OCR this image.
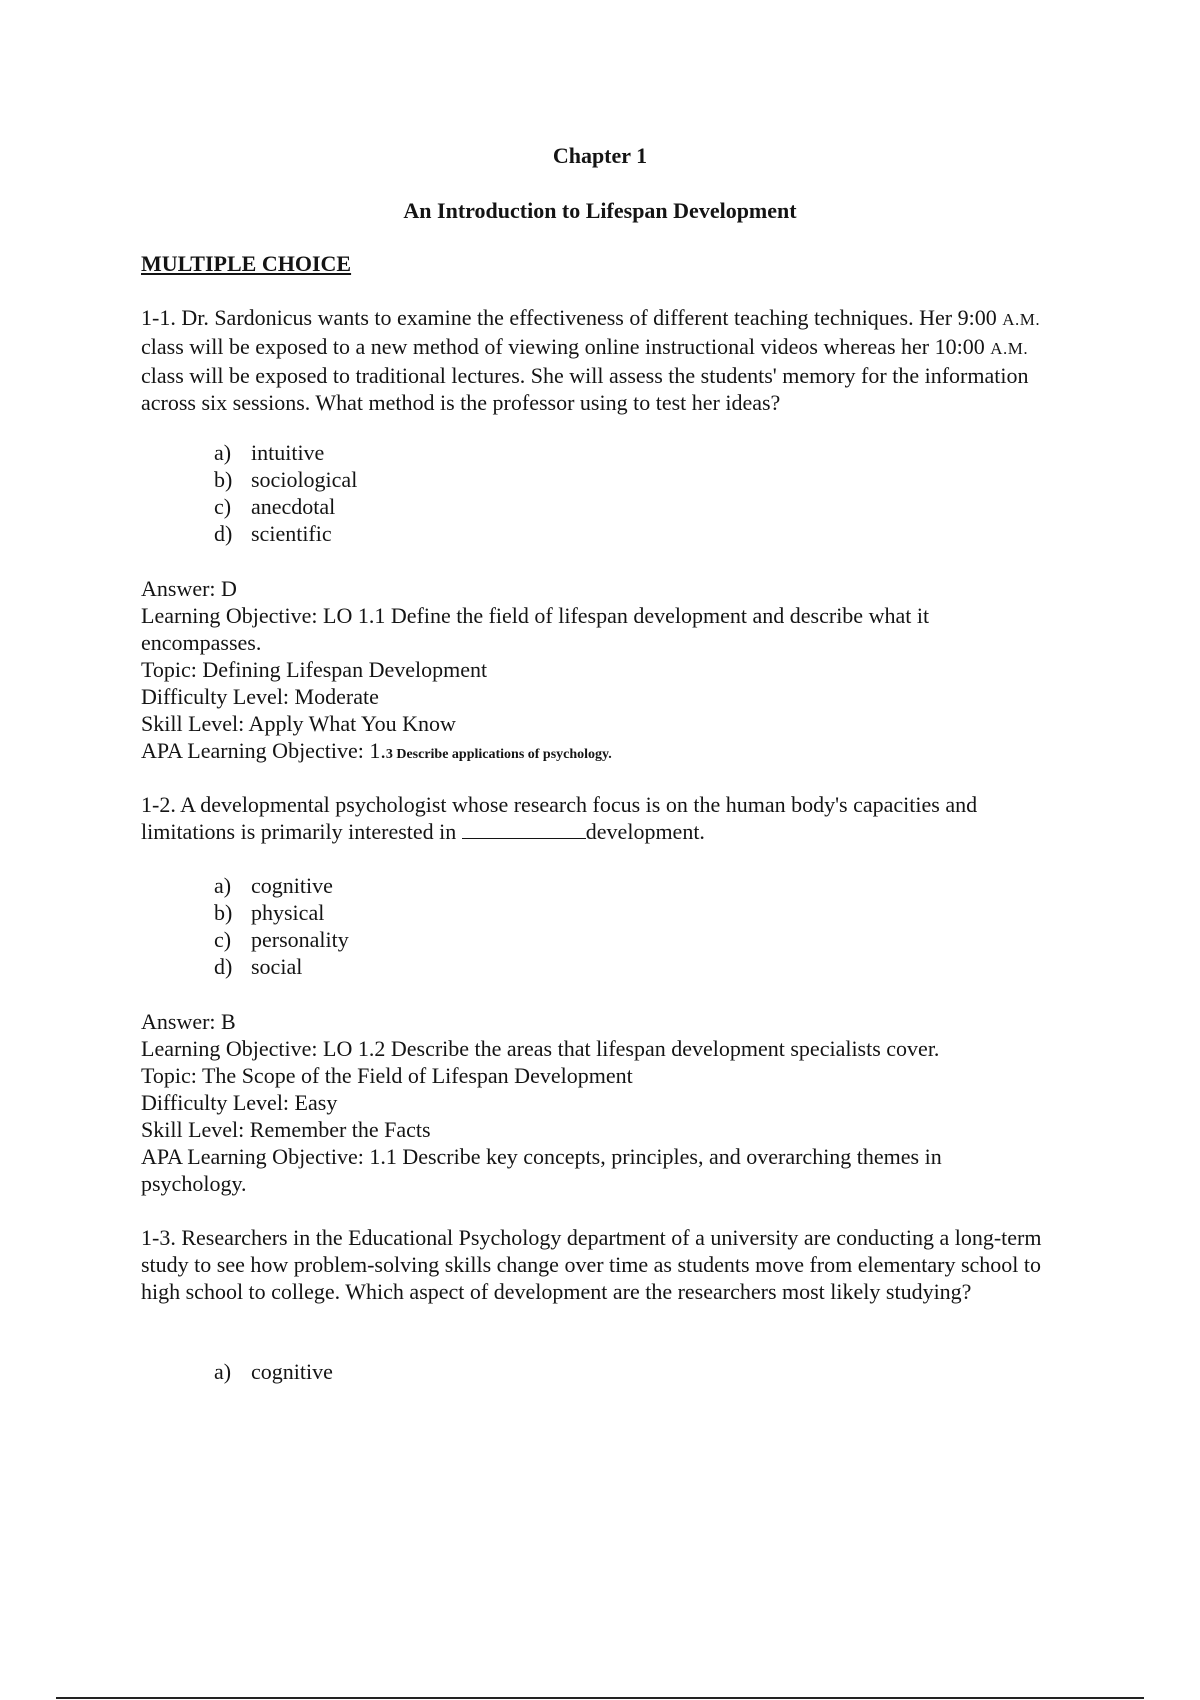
Chapter 1
An Introduction to Lifespan Development
MULTIPLE CHOICE

1-1. Dr. Sardonicus wants to examine the effectiveness of different teaching techniques. Her 9:00 A.M. class will be exposed to a new method of viewing online instructional videos whereas her 10:00 A.M. class will be exposed to traditional lectures. She will assess the students' memory for the information across six sessions. What method is the professor using to test her ideas?

a) intuitive
b) sociological
c) anecdotal
d) scientific
Answer: D
Learning Objective: LO 1.1 Define the field of lifespan development and describe what it encompasses.
Topic: Defining Lifespan Development
Difficulty Level: Moderate
Skill Level: Apply What You Know
APA Learning Objective: 1.3 Describe applications of psychology.

1-2. A developmental psychologist whose research focus is on the human body's capacities and limitations is primarily interested in	development.

a) cognitive
b) physical
c) personality
d) social
Answer: B
Learning Objective: LO 1.2 Describe the areas that lifespan development specialists cover.
Topic: The Scope of the Field of Lifespan Development
Difficulty Level: Easy
Skill Level: Remember the Facts
APA Learning Objective: 1.1 Describe key concepts, principles, and overarching themes in psychology.

1-3. Researchers in the Educational Psychology department of a university are conducting a long-term study to see how problem-solving skills change over time as students move from elementary school to high school to college. Which aspect of development are the researchers most likely studying?

a) cognitive
